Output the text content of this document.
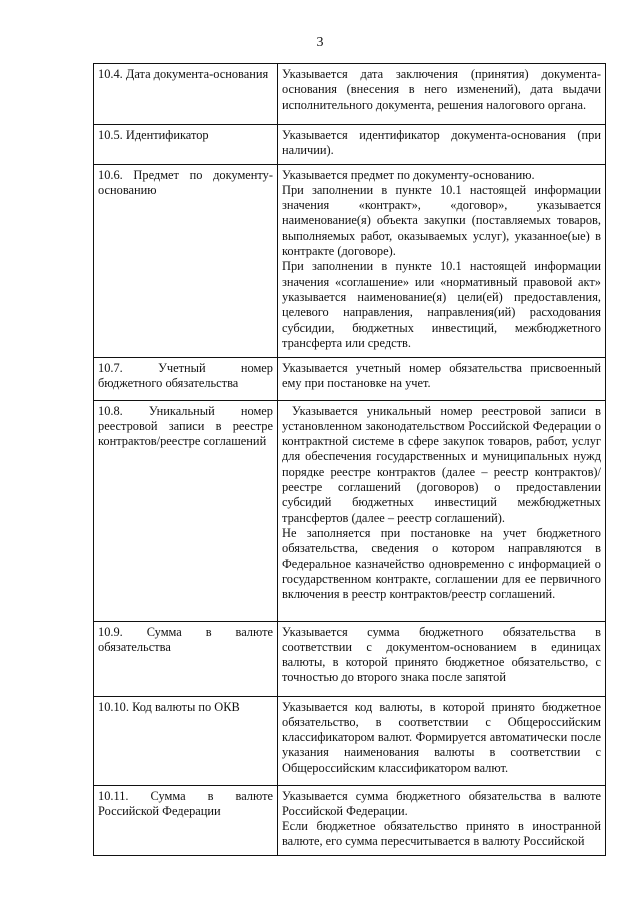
3
10.4. Дата документа-основания	Указывается дата заключения (принятия) документа-основания (внесения в него изменений), дата выдачи исполнительного документа, решения налогового органа.

10.5. Идентификатор	Указывается идентификатор документа-основания (при наличии).

10.6. Предмет по документу-основанию	Указывается предмет по документу-основанию.
При заполнении в пункте 10.1 настоящей информации значения «контракт», «договор», указывается наименование(я) объекта закупки (поставляемых товаров, выполняемых работ, оказываемых услуг), указанное(ые) в контракте (договоре).
При заполнении в пункте 10.1 настоящей информации значения «соглашение» или «нормативный правовой акт» указывается наименование(я) цели(ей) предоставления, целевого направления, направления(ий) расходования субсидии, бюджетных инвестиций, межбюджетного трансферта или средств.

10.7. Учетный номер бюджетного обязательства	Указывается учетный номер обязательства присвоенный ему при постановке на учет.

10.8. Уникальный номер реестровой записи в реестре контрактов/реестре соглашений	Указывается уникальный номер реестровой записи в установленном законодательством Российской Федерации о контрактной системе в сфере закупок товаров, работ, услуг для обеспечения государственных и муниципальных нужд порядке реестре контрактов (далее – реестр контрактов)/реестре соглашений (договоров) о предоставлении субсидий бюджетных инвестиций межбюджетных трансфертов (далее – реестр соглашений).
Не заполняется при постановке на учет бюджетного обязательства, сведения о котором направляются в Федеральное казначейство одновременно с информацией о государственном контракте, соглашении для ее первичного включения в реестр контрактов/реестр соглашений.

10.9. Сумма в валюте обязательства	Указывается сумма бюджетного обязательства в соответствии с документом-основанием в единицах валюты, в которой принято бюджетное обязательство, с точностью до второго знака после запятой

10.10. Код валюты по ОКВ	Указывается код валюты, в которой принято бюджетное обязательство, в соответствии с Общероссийским классификатором валют. Формируется автоматически после указания наименования валюты в соответствии с Общероссийским классификатором валют.

10.11. Сумма в валюте Российской Федерации	Указывается сумма бюджетного обязательства в валюте Российской Федерации.
Если бюджетное обязательство принято в иностранной валюте, его сумма пересчитывается в валюту Российской
